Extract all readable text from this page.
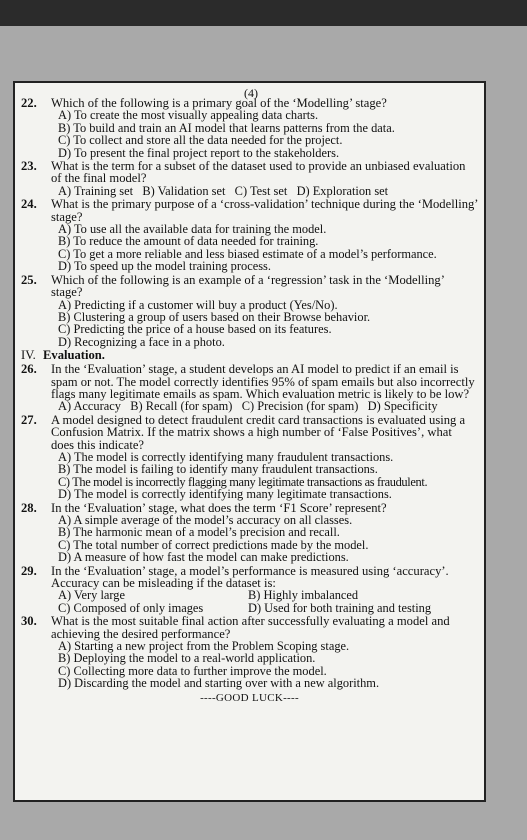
(4)
22.	Which of the following is a primary goal of the ‘Modelling’ stage?
A) To create the most visually appealing data charts.
B) To build and train an AI model that learns patterns from the data.
C) To collect and store all the data needed for the project.
D) To present the final project report to the stakeholders.
23.	What is the term for a subset of the dataset used to provide an unbiased evaluation of the final model?
A) Training set   B) Validation set   C) Test set   D) Exploration set
24.	What is the primary purpose of a ‘cross-validation’ technique during the ‘Modelling’ stage?
A) To use all the available data for training the model.
B) To reduce the amount of data needed for training.
C) To get a more reliable and less biased estimate of a model’s performance.
D) To speed up the model training process.
25.	Which of the following is an example of a ‘regression’ task in the ‘Modelling’ stage?
A) Predicting if a customer will buy a product (Yes/No).
B) Clustering a group of users based on their Browse behavior.
C) Predicting the price of a house based on its features.
D) Recognizing a face in a photo.
IV. Evaluation.
26.	In the ‘Evaluation’ stage, a student develops an AI model to predict if an email is spam or not. The model correctly identifies 95% of spam emails but also incorrectly flags many legitimate emails as spam. Which evaluation metric is likely to be low?
A) Accuracy   B) Recall (for spam)   C) Precision (for spam)   D) Specificity
27.	A model designed to detect fraudulent credit card transactions is evaluated using a Confusion Matrix. If the matrix shows a high number of ‘False Positives’, what does this indicate?
A) The model is correctly identifying many fraudulent transactions.
B) The model is failing to identify many fraudulent transactions.
C) The model is incorrectly flagging many legitimate transactions as fraudulent.
D) The model is correctly identifying many legitimate transactions.
28.	In the ‘Evaluation’ stage, what does the term ‘F1 Score’ represent?
A) A simple average of the model’s accuracy on all classes.
B) The harmonic mean of a model’s precision and recall.
C) The total number of correct predictions made by the model.
D) A measure of how fast the model can make predictions.
29.	In the ‘Evaluation’ stage, a model’s performance is measured using ‘accuracy’. Accuracy can be misleading if the dataset is:
A) Very large	B) Highly imbalanced
C) Composed of only images	D) Used for both training and testing
30.	What is the most suitable final action after successfully evaluating a model and achieving the desired performance?
A) Starting a new project from the Problem Scoping stage.
B) Deploying the model to a real-world application.
C) Collecting more data to further improve the model.
D) Discarding the model and starting over with a new algorithm.
----GOOD LUCK----
